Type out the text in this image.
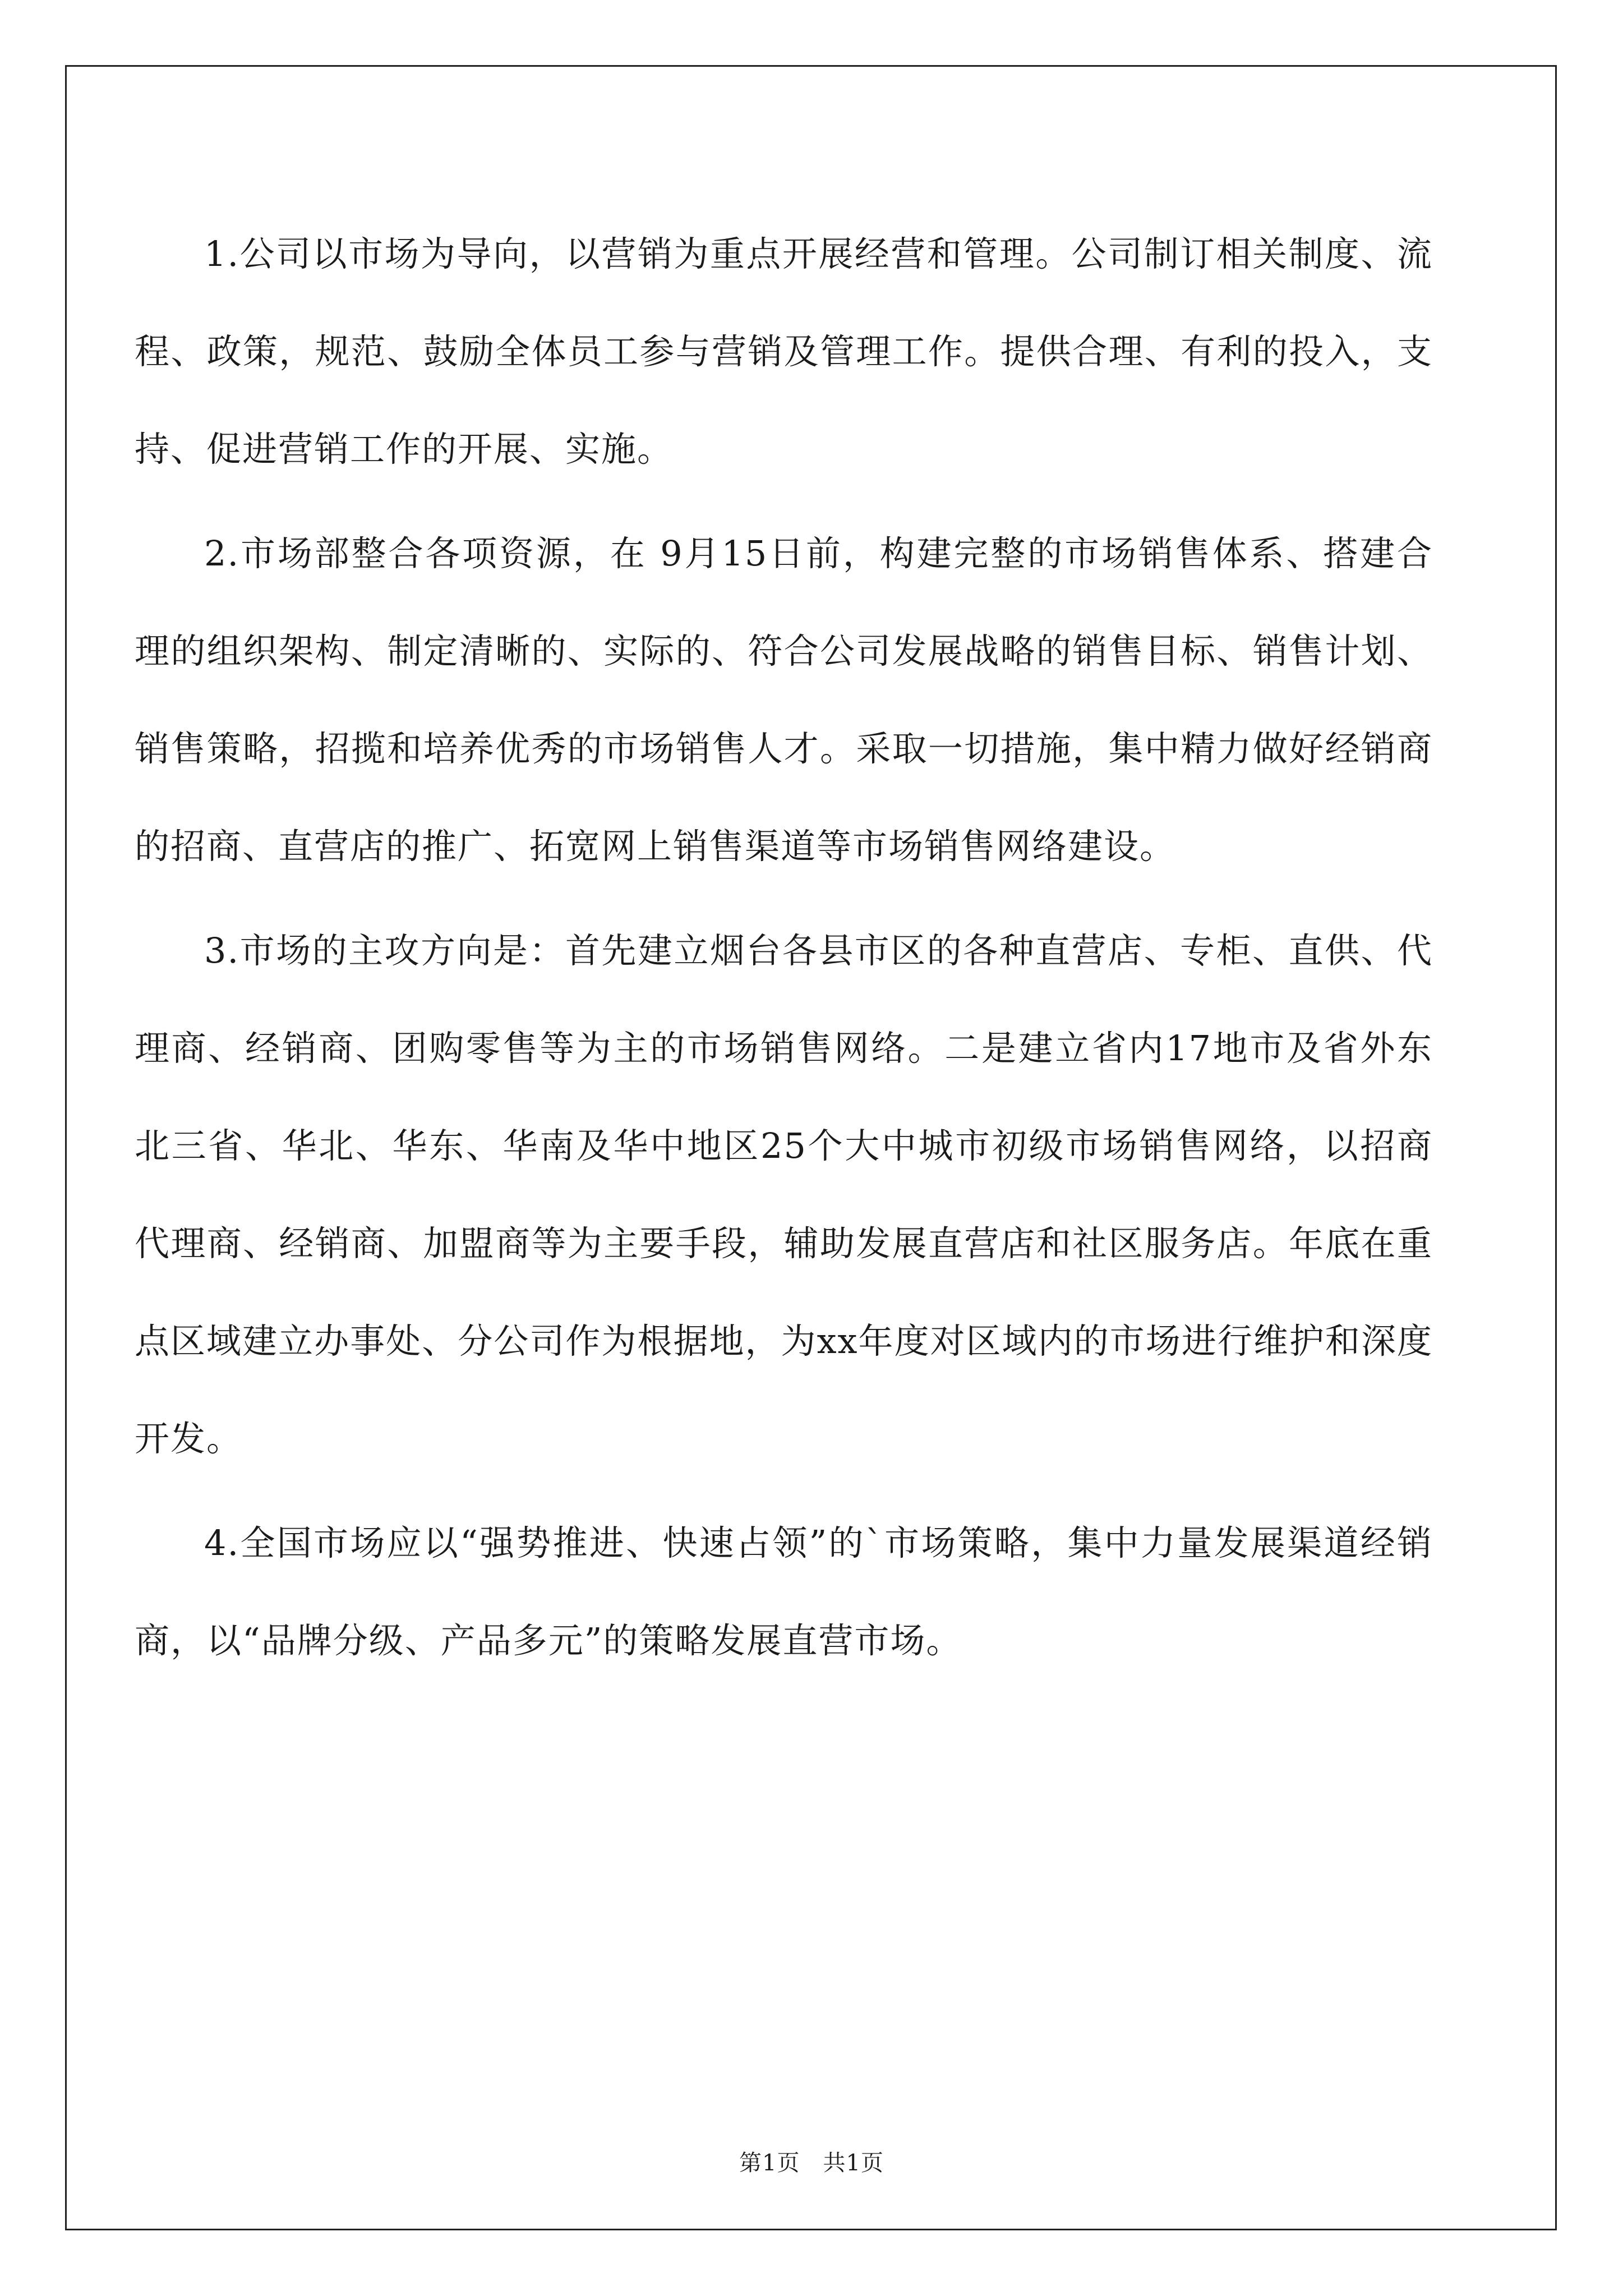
1.公司以市场为导向，以营销为重点开展经营和管理。公司制订相关制度、流程、政策，规范、鼓励全体员工参与营销及管理工作。提供合理、有利的投入，支持、促进营销工作的开展、实施。

2.市场部整合各项资源，在 9月15日前，构建完整的市场销售体系、搭建合理的组织架构、制定清晰的、实际的、符合公司发展战略的销售目标、销售计划、销售策略，招揽和培养优秀的市场销售人才。采取一切措施，集中精力做好经销商的招商、直营店的推广、拓宽网上销售渠道等市场销售网络建设。

3.市场的主攻方向是：首先建立烟台各县市区的各种直营店、专柜、直供、代理商、经销商、团购零售等为主的市场销售网络。二是建立省内17地市及省外东北三省、华北、华东、华南及华中地区25个大中城市初级市场销售网络，以招商代理商、经销商、加盟商等为主要手段，辅助发展直营店和社区服务店。年底在重点区域建立办事处、分公司作为根据地，为xx年度对区域内的市场进行维护和深度开发。

4.全国市场应以“强势推进、快速占领”的`市场策略，集中力量发展渠道经销商，以“品牌分级、产品多元”的策略发展直营市场。

第1页　共1页
